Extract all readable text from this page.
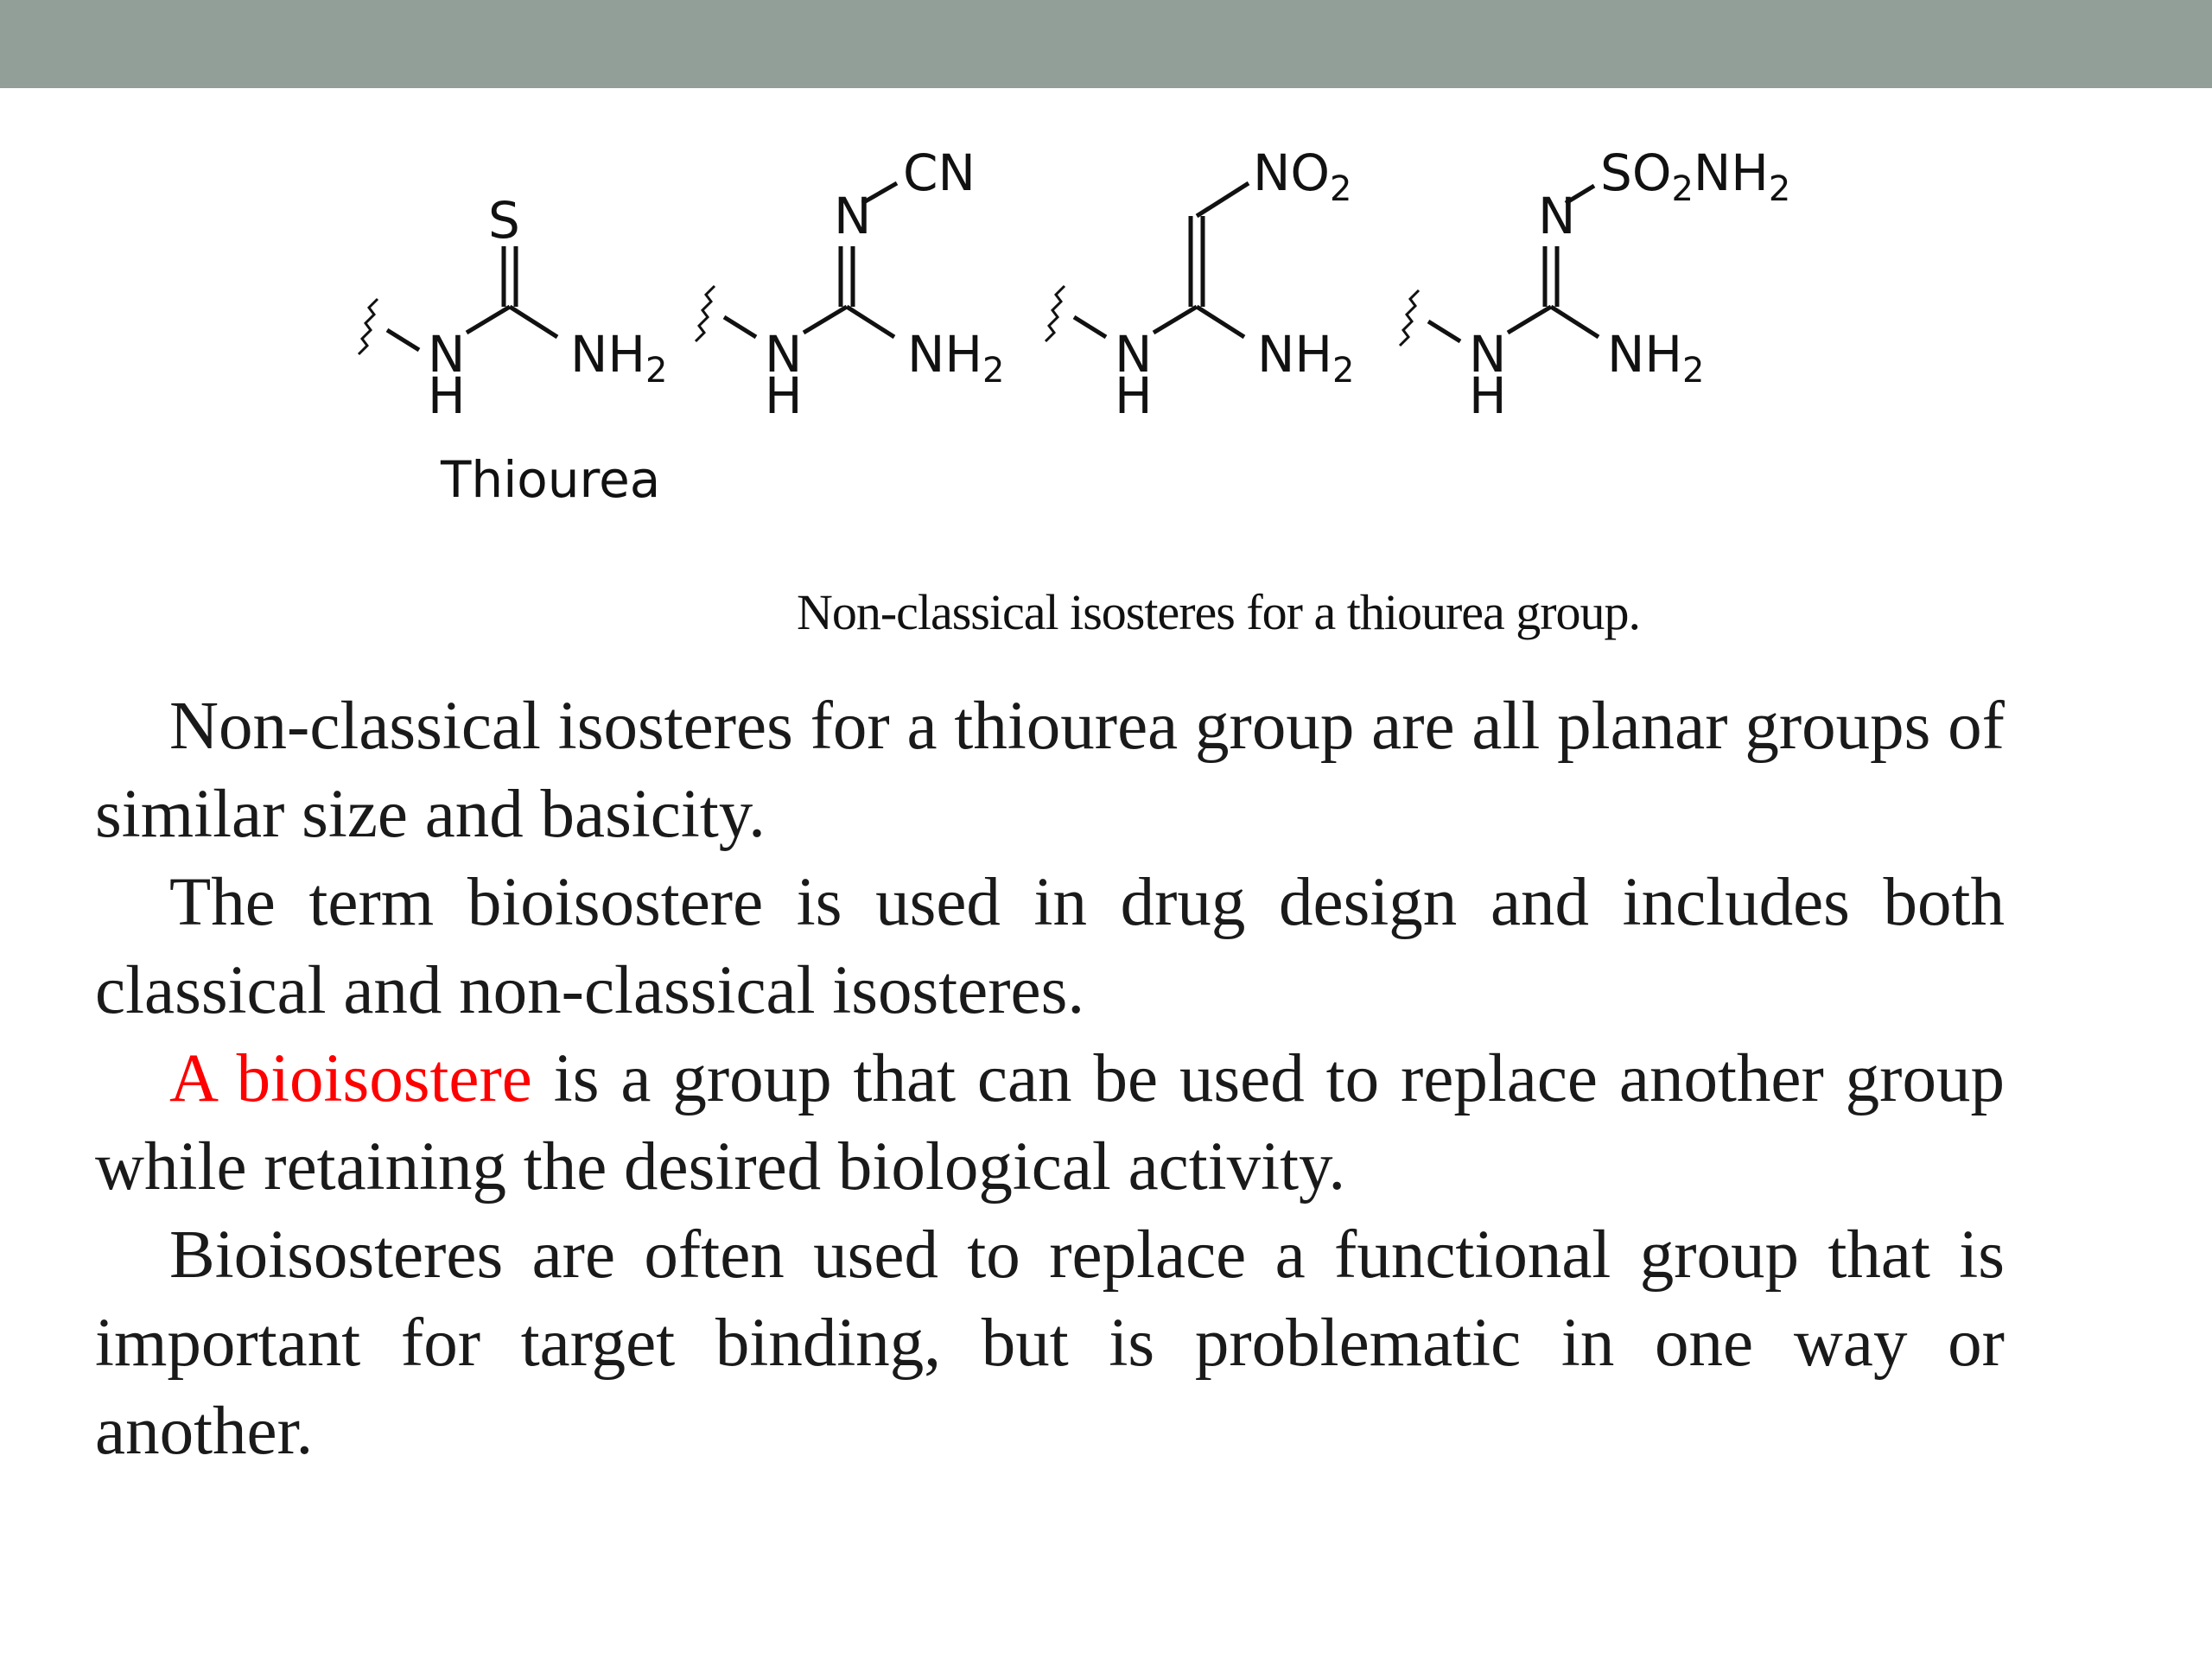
S
N
H
$NH_2$
Thiourea
N
CN
N
H
$NH_2$
$NO_2$
N
H
$NH_2$
N
$SO_2NH_2$
N
H
$NH_2$
Non-classical isosteres for a thiourea group.

Non-classical isosteres for a thiourea group are all planar groups of similar size and basicity.

The term bioisostere is used in drug design and includes both classical and non-classical isosteres.

A bioisostere is a group that can be used to replace another group while retaining the desired biological activity.

Bioisosteres are often used to replace a functional group that is important for target binding, but is problematic in one way or another.
